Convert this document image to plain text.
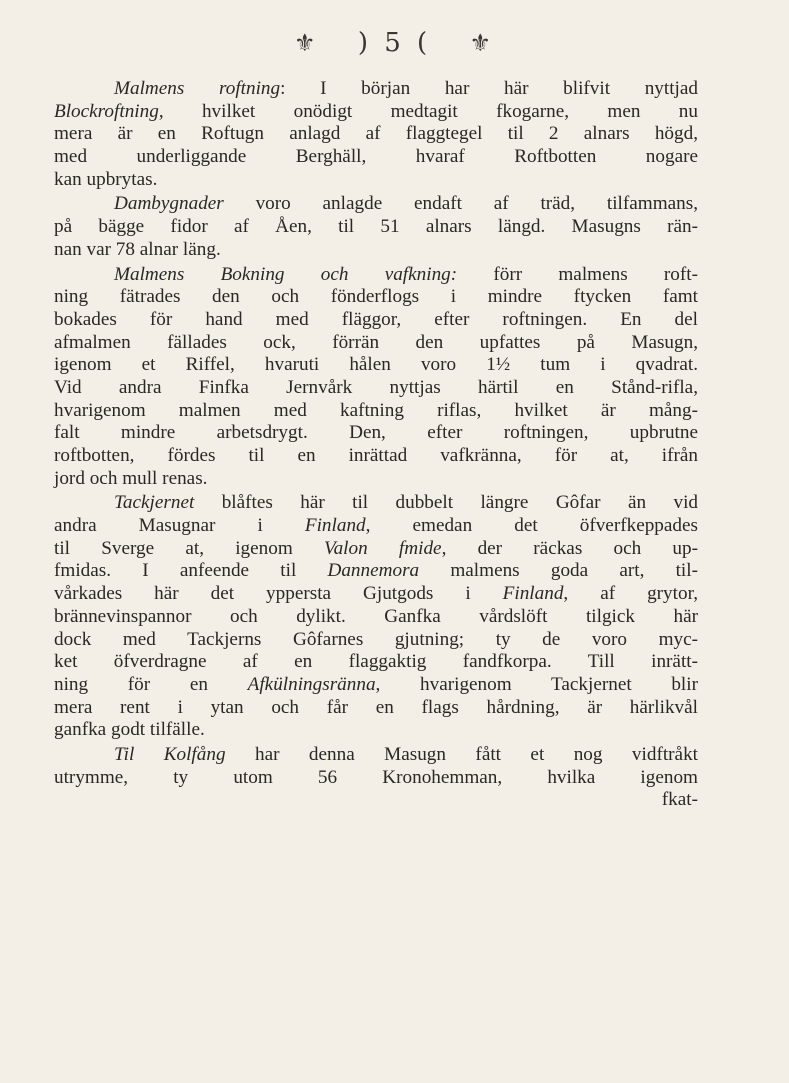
⚜ ) 5 ( ⚜
Malmens roftning: I början har här blifvit nyttjad
Blockroftning, hvilket onödigt medtagit fkogarne, men nu
mera är en Roftugn anlagd af flaggtegel til 2 alnars högd,
med underliggande Berghäll, hvaraf Roftbotten nogare
kan upbrytas.
Dambygnader voro anlagde endaft af träd, tilfammans,
på bägge fidor af Åen, til 51 alnars längd. Masugns rän-
nan var 78 alnar läng.
Malmens Bokning och vafkning: förr malmens roft-
ning fätrades den och fönderflogs i mindre ftycken famt
bokades för hand med fläggor, efter roftningen. En del
afmalmen fällades ock, förrän den upfattes på Masugn,
igenom et Riffel, hvaruti hålen voro 1½ tum i qvadrat.
Vid andra Finfka Jernvårk nyttjas härtil en Stånd-rifla,
hvarigenom malmen med kaftning riflas, hvilket är mång-
falt mindre arbetsdrygt. Den, efter roftningen, upbrutne
roftbotten, fördes til en inrättad vafkränna, för at, ifrån
jord och mull renas.
Tackjernet blåftes här til dubbelt längre Gôfar än vid
andra Masugnar i Finland, emedan det öfverfkeppades
til Sverge at, igenom Valon fmide, der räckas och up-
fmidas. I anfeende til Dannemora malmens goda art, til-
vårkades här det yppersta Gjutgods i Finland, af grytor,
brännevinspannor och dylikt. Ganfka vårdslöft tilgick här
dock med Tackjerns Gôfarnes gjutning; ty de voro myc-
ket öfverdragne af en flaggaktig fandfkorpa. Till inrätt-
ning för en Afkülningsränna, hvarigenom Tackjernet blir
mera rent i ytan och får en flags hårdning, är härlikvål
ganfka godt tilfälle.
Til Kolfång har denna Masugn fått et nog vidftråkt
utrymme, ty utom 56 Kronohemman, hvilka igenom
fkat-
